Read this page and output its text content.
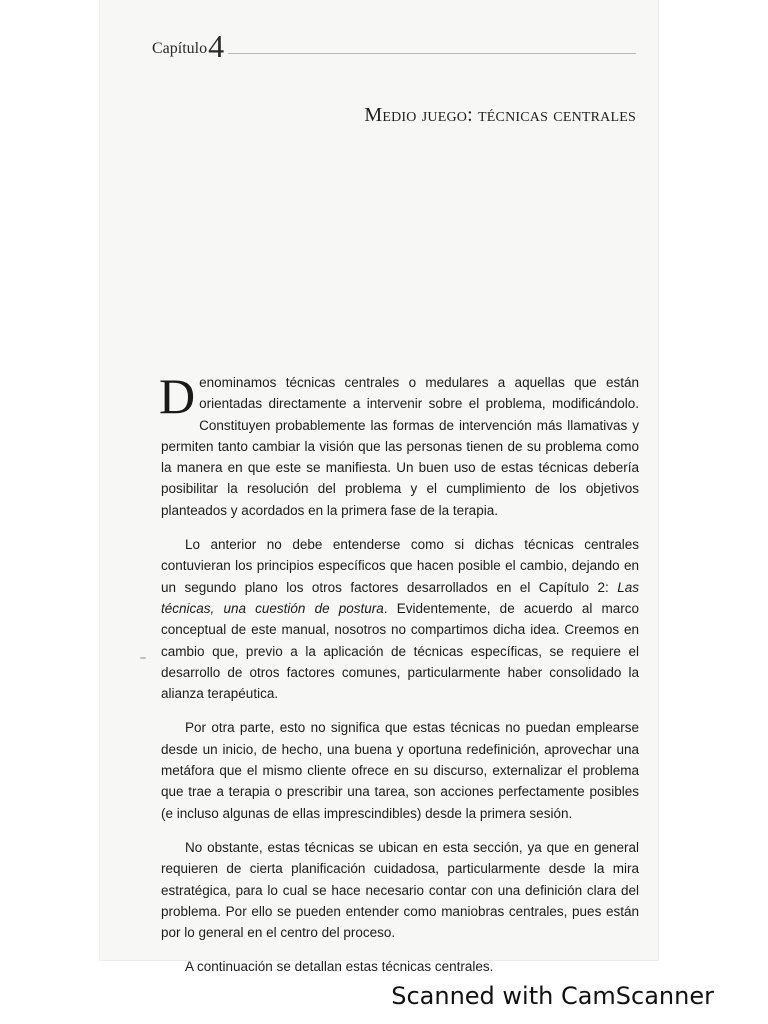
Capítulo 4
Medio juego: técnicas centrales

Denominamos técnicas centrales o medulares a aquellas que están orientadas directamente a intervenir sobre el problema, modificándolo. Constituyen probablemente las formas de intervención más llamativas y permiten tanto cambiar la visión que las personas tienen de su problema como la manera en que este se manifiesta. Un buen uso de estas técnicas debería posibilitar la resolución del problema y el cumplimiento de los objetivos planteados y acordados en la primera fase de la terapia.

Lo anterior no debe entenderse como si dichas técnicas centrales contuvieran los principios específicos que hacen posible el cambio, dejando en un segundo plano los otros factores desarrollados en el Capítulo 2: Las técnicas, una cuestión de postura. Evidentemente, de acuerdo al marco conceptual de este manual, nosotros no compartimos dicha idea. Creemos en cambio que, previo a la aplicación de técnicas específicas, se requiere el desarrollo de otros factores comunes, particularmente haber consolidado la alianza terapéutica.

Por otra parte, esto no significa que estas técnicas no puedan emplearse desde un inicio, de hecho, una buena y oportuna redefinición, aprovechar una metáfora que el mismo cliente ofrece en su discurso, externalizar el problema que trae a terapia o prescribir una tarea, son acciones perfectamente posibles (e incluso algunas de ellas imprescindibles) desde la primera sesión.

No obstante, estas técnicas se ubican en esta sección, ya que en general requieren de cierta planificación cuidadosa, particularmente desde la mira estratégica, para lo cual se hace necesario contar con una definición clara del problema. Por ello se pueden entender como maniobras centrales, pues están por lo general en el centro del proceso.

A continuación se detallan estas técnicas centrales.

Scanned with CamScanner
